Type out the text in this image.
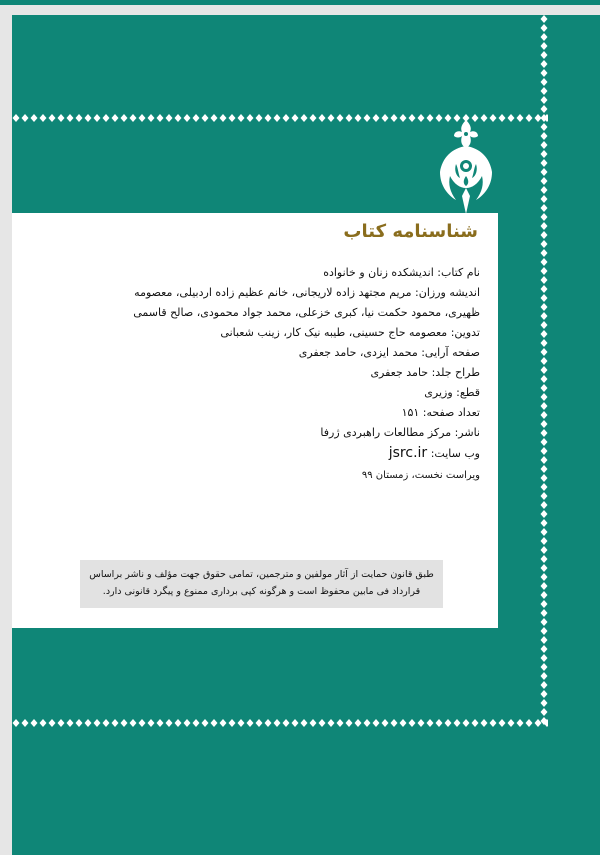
شناسنامه کتاب
نام کتاب: اندیشکده زنان و خانواده
اندیشه ورزان: مریم مجتهد زاده لاریجانی، خانم عظیم زاده اردبیلی، معصومه
ظهیری، محمود حکمت نیا، کبری خزعلی، محمد جواد محمودی، صالح قاسمی
تدوین: معصومه حاج حسینی، طیبه نیک کار، زینب شعبانی
صفحه آرایی: محمد ایزدی، حامد جعفری
طراح جلد: حامد جعفری
قطع: وزیری
تعداد صفحه: ۱۵۱
ناشر: مرکز مطالعات راهبردی ژرفا
وب سایت: jsrc.ir
ویراست نخست، زمستان ۹۹
طبق قانون حمایت از آثار مولفین و مترجمین، تمامی حقوق جهت مؤلف و ناشر براساس
قرارداد فی مابین محفوظ است و هرگونه کپی برداری ممنوع و پیگرد قانونی دارد.
